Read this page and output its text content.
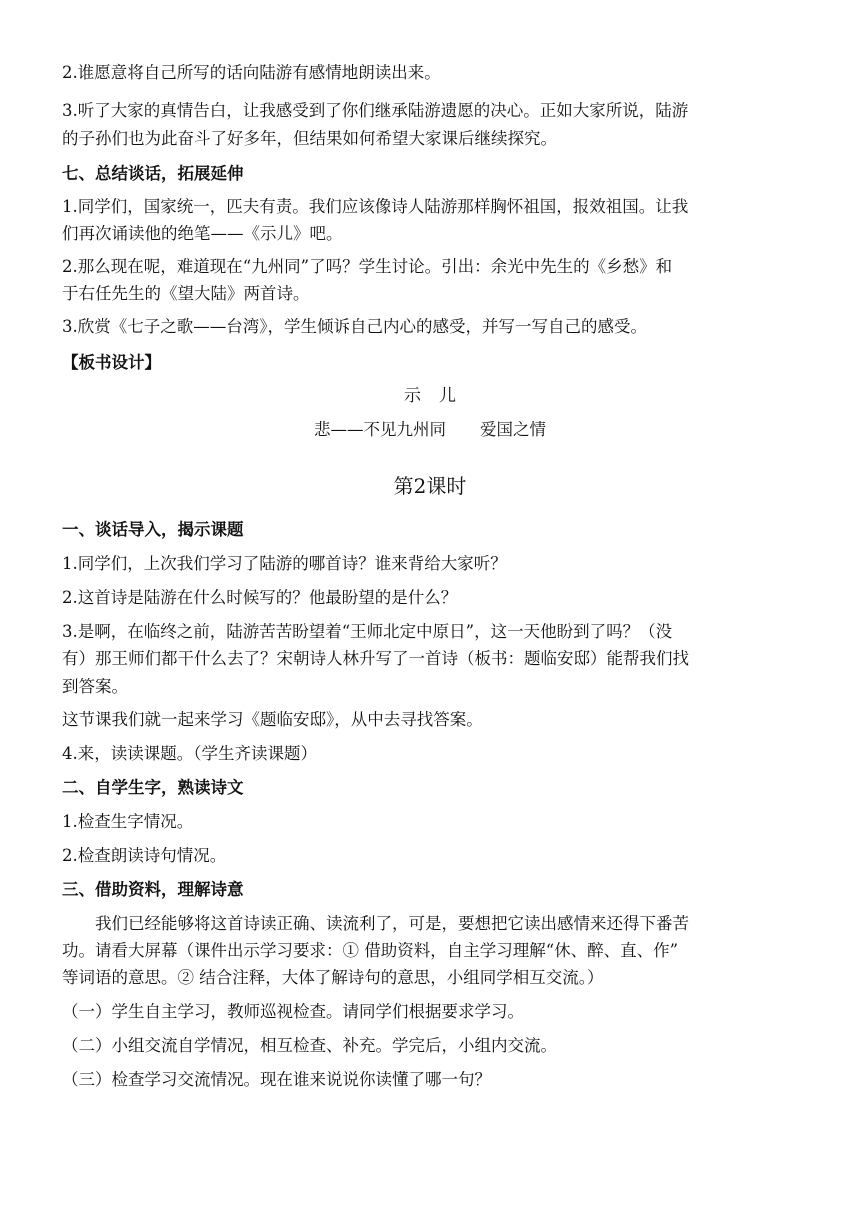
2.谁愿意将自己所写的话向陆游有感情地朗读出来。
3.听了大家的真情告白，让我感受到了你们继承陆游遗愿的决心。正如大家所说，陆游
的子孙们也为此奋斗了好多年，但结果如何希望大家课后继续探究。
七、总结谈话，拓展延伸
1.同学们，国家统一，匹夫有责。我们应该像诗人陆游那样胸怀祖国，报效祖国。让我
们再次诵读他的绝笔——《示儿》吧。
2.那么现在呢，难道现在“九州同”了吗？学生讨论。引出：余光中先生的《乡愁》和
于右任先生的《望大陆》两首诗。
3.欣赏《七子之歌——台湾》，学生倾诉自己内心的感受，并写一写自己的感受。
【板书设计】
示儿
悲——不见九州同 爱国之情
第2课时
一、谈话导入，揭示课题
1.同学们，上次我们学习了陆游的哪首诗？谁来背给大家听？
2.这首诗是陆游在什么时候写的？他最盼望的是什么？
3.是啊，在临终之前，陆游苦苦盼望着“王师北定中原日”，这一天他盼到了吗？（没
有）那王师们都干什么去了？宋朝诗人林升写了一首诗（板书：题临安邸）能帮我们找
到答案。
这节课我们就一起来学习《题临安邸》，从中去寻找答案。
4.来，读读课题。（学生齐读课题）
二、自学生字，熟读诗文
1.检查生字情况。
2.检查朗读诗句情况。
三、借助资料，理解诗意
我们已经能够将这首诗读正确、读流利了，可是，要想把它读出感情来还得下番苦
功。请看大屏幕（课件出示学习要求：① 借助资料，自主学习理解“休、醉、直、作”
等词语的意思。② 结合注释，大体了解诗句的意思，小组同学相互交流。）
（一）学生自主学习，教师巡视检查。请同学们根据要求学习。
（二）小组交流自学情况，相互检查、补充。学完后，小组内交流。
（三）检查学习交流情况。现在谁来说说你读懂了哪一句？
